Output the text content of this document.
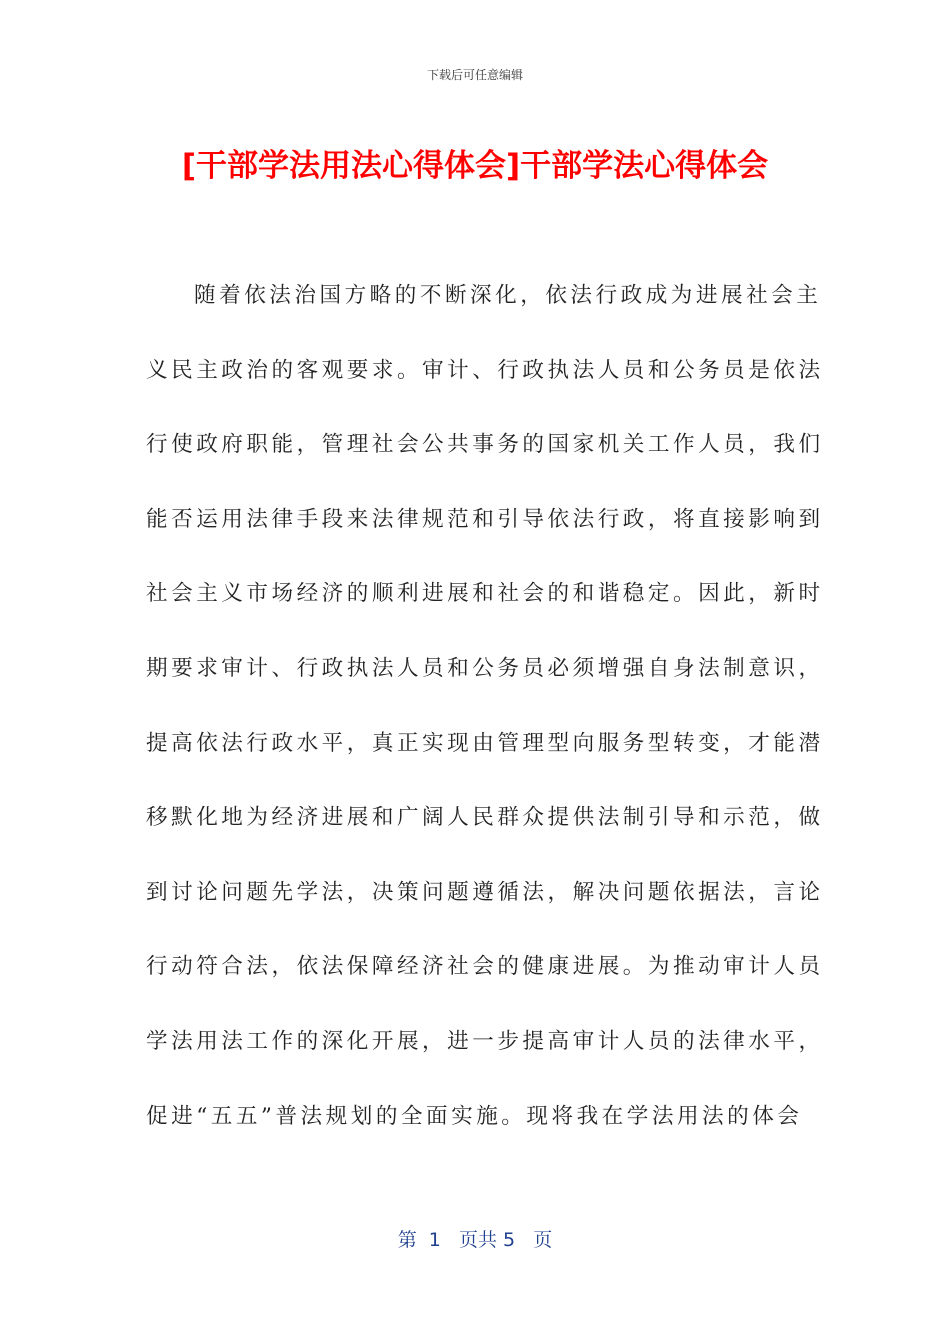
下载后可任意编辑
[干部学法用法心得体会]干部学法心得体会
随着依法治国方略的不断深化，依法行政成为进展社会主
义民主政治的客观要求。审计、行政执法人员和公务员是依法
行使政府职能，管理社会公共事务的国家机关工作人员，我们
能否运用法律手段来法律规范和引导依法行政，将直接影响到
社会主义市场经济的顺利进展和社会的和谐稳定。因此，新时
期要求审计、行政执法人员和公务员必须增强自身法制意识，
提高依法行政水平，真正实现由管理型向服务型转变，才能潜
移默化地为经济进展和广阔人民群众提供法制引导和示范，做
到讨论问题先学法，决策问题遵循法，解决问题依据法，言论
行动符合法，依法保障经济社会的健康进展。为推动审计人员
学法用法工作的深化开展，进一步提高审计人员的法律水平，
促进“五五”普法规划的全面实施。现将我在学法用法的体会
第  1   页共 5   页
